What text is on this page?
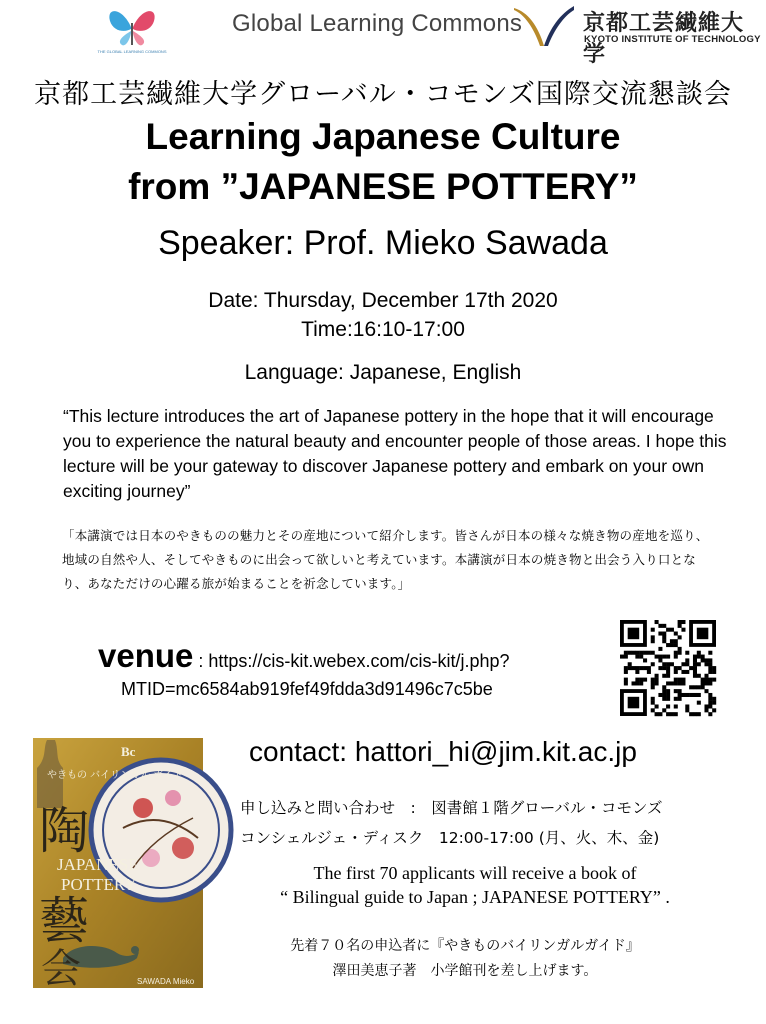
THE GLOBAL LEARNING COMMONS
Global Learning Commons	京都工芸繊維大学
KYOTO INSTITUTE OF TECHNOLOGY
京都工芸繊維大学グローバル・コモンズ国際交流懇談会
Learning Japanese Culture
from ”JAPANESE POTTERY”
Speaker: Prof. Mieko Sawada
Date: Thursday, December 17th 2020
Time:16:10-17:00
Language: Japanese, English
“This lecture introduces the art of Japanese pottery in the hope that it will encourage you to experience the natural beauty and encounter people of those areas. I hope this lecture will be your gateway to discover Japanese pottery and embark on your own exciting journey”
「本講演では日本のやきものの魅力とその産地について紹介します。皆さんが日本の様々な焼き物の産地を巡り、地域の自然や人、そしてやきものに出会って欲しいと考えています。本講演が日本の焼き物と出会う入り口となり、あなただけの心躍る旅が始まることを祈念しています。」
venue : https://cis-kit.webex.com/cis-kit/j.php?
MTID=mc6584ab919fef49fdda3d91496c7c5be
Bc
やきもの バイリンガル ガイド
陶
JAPANESE
POTTERY
藝
会	SAWADA Mieko
contact: hattori_hi@jim.kit.ac.jp
申し込みと問い合わせ　:　図書館１階グローバル・コモンズ
コンシェルジェ・ディスク　12:00-17:00 (月、火、木、金)
The first 70 applicants will receive a book of
“ Bilingual guide to Japan ; JAPANESE POTTERY” .
先着７０名の申込者に『やきものバイリンガルガイド』
澤田美恵子著　小学館刊を差し上げます。
